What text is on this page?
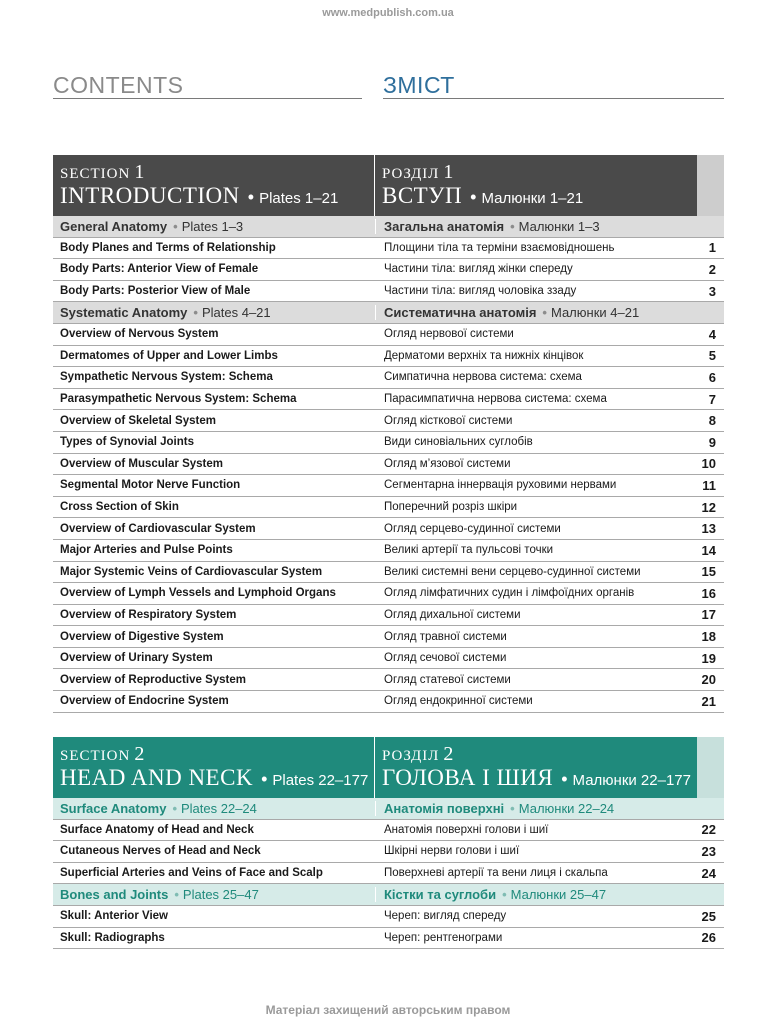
www.medpublish.com.ua
CONTENTS	ЗМІСТ
SECTION 1
INTRODUCTION • Plates 1–21
РОЗДІЛ 1
ВСТУП • Малюнки 1–21
General Anatomy • Plates 1–3	Загальна анатомія • Малюнки 1–3
Body Planes and Terms of Relationship	Площини тіла та терміни взаємовідношень	1
Body Parts: Anterior View of Female	Частини тіла: вигляд жінки спереду	2
Body Parts: Posterior View of Male	Частини тіла: вигляд чоловіка ззаду	3
Systematic Anatomy • Plates 4–21	Систематична анатомія • Малюнки 4–21
Overview of Nervous System	Огляд нервової системи	4
Dermatomes of Upper and Lower Limbs	Дерматоми верхніх та нижніх кінцівок	5
Sympathetic Nervous System: Schema	Симпатична нервова система: схема	6
Parasympathetic Nervous System: Schema	Парасимпатична нервова система: схема	7
Overview of Skeletal System	Огляд кісткової системи	8
Types of Synovial Joints	Види синовіальних суглобів	9
Overview of Muscular System	Огляд м’язової системи	10
Segmental Motor Nerve Function	Сегментарна іннервація руховими нервами	11
Cross Section of Skin	Поперечний розріз шкіри	12
Overview of Cardiovascular System	Огляд серцево-судинної системи	13
Major Arteries and Pulse Points	Великі артерії та пульсові точки	14
Major Systemic Veins of Cardiovascular System	Великі системні вени серцево-судинної системи	15
Overview of Lymph Vessels and Lymphoid Organs	Огляд лімфатичних судин і лімфоїдних органів	16
Overview of Respiratory System	Огляд дихальної системи	17
Overview of Digestive System	Огляд травної системи	18
Overview of Urinary System	Огляд сечової системи	19
Overview of Reproductive System	Огляд статевої системи	20
Overview of Endocrine System	Огляд ендокринної системи	21
SECTION 2
HEAD AND NECK • Plates 22–177
РОЗДІЛ 2
ГОЛОВА І ШИЯ • Малюнки 22–177
Surface Anatomy • Plates 22–24	Анатомія поверхні • Малюнки 22–24
Surface Anatomy of Head and Neck	Анатомія поверхні голови і шиї	22
Cutaneous Nerves of Head and Neck	Шкірні нерви голови і шиї	23
Superficial Arteries and Veins of Face and Scalp	Поверхневі артерії та вени лиця і скальпа	24
Bones and Joints • Plates 25–47	Кістки та суглоби • Малюнки 25–47
Skull: Anterior View	Череп: вигляд спереду	25
Skull: Radiographs	Череп: рентгенограми	26
Матеріал захищений авторським правом
